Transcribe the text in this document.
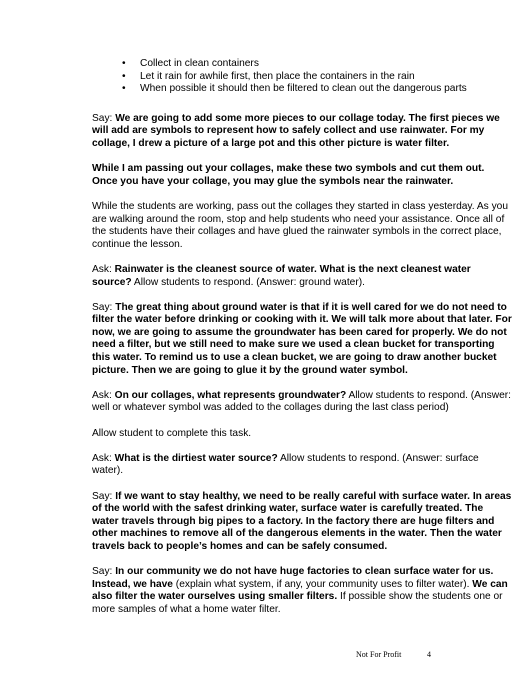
• Collect in clean containers
• Let it rain for awhile first, then place the containers in the rain
• When possible it should then be filtered to clean out the dangerous parts

Say: We are going to add some more pieces to our collage today. The first pieces we will add are symbols to represent how to safely collect and use rainwater. For my collage, I drew a picture of a large pot and this other picture is water filter.

While I am passing out your collages, make these two symbols and cut them out. Once you have your collage, you may glue the symbols near the rainwater.

While the students are working, pass out the collages they started in class yesterday. As you are walking around the room, stop and help students who need your assistance. Once all of the students have their collages and have glued the rainwater symbols in the correct place, continue the lesson.

Ask: Rainwater is the cleanest source of water. What is the next cleanest water source? Allow students to respond. (Answer: ground water).

Say: The great thing about ground water is that if it is well cared for we do not need to filter the water before drinking or cooking with it. We will talk more about that later. For now, we are going to assume the groundwater has been cared for properly. We do not need a filter, but we still need to make sure we used a clean bucket for transporting this water. To remind us to use a clean bucket, we are going to draw another bucket picture. Then we are going to glue it by the ground water symbol.

Ask: On our collages, what represents groundwater? Allow students to respond. (Answer: well or whatever symbol was added to the collages during the last class period)

Allow student to complete this task.

Ask: What is the dirtiest water source? Allow students to respond. (Answer: surface water).

Say: If we want to stay healthy, we need to be really careful with surface water. In areas of the world with the safest drinking water, surface water is carefully treated. The water travels through big pipes to a factory. In the factory there are huge filters and other machines to remove all of the dangerous elements in the water. Then the water travels back to people’s homes and can be safely consumed.

Say: In our community we do not have huge factories to clean surface water for us. Instead, we have (explain what system, if any, your community uses to filter water). We can also filter the water ourselves using smaller filters. If possible show the students one or more samples of what a home water filter.

Not For Profit	4
